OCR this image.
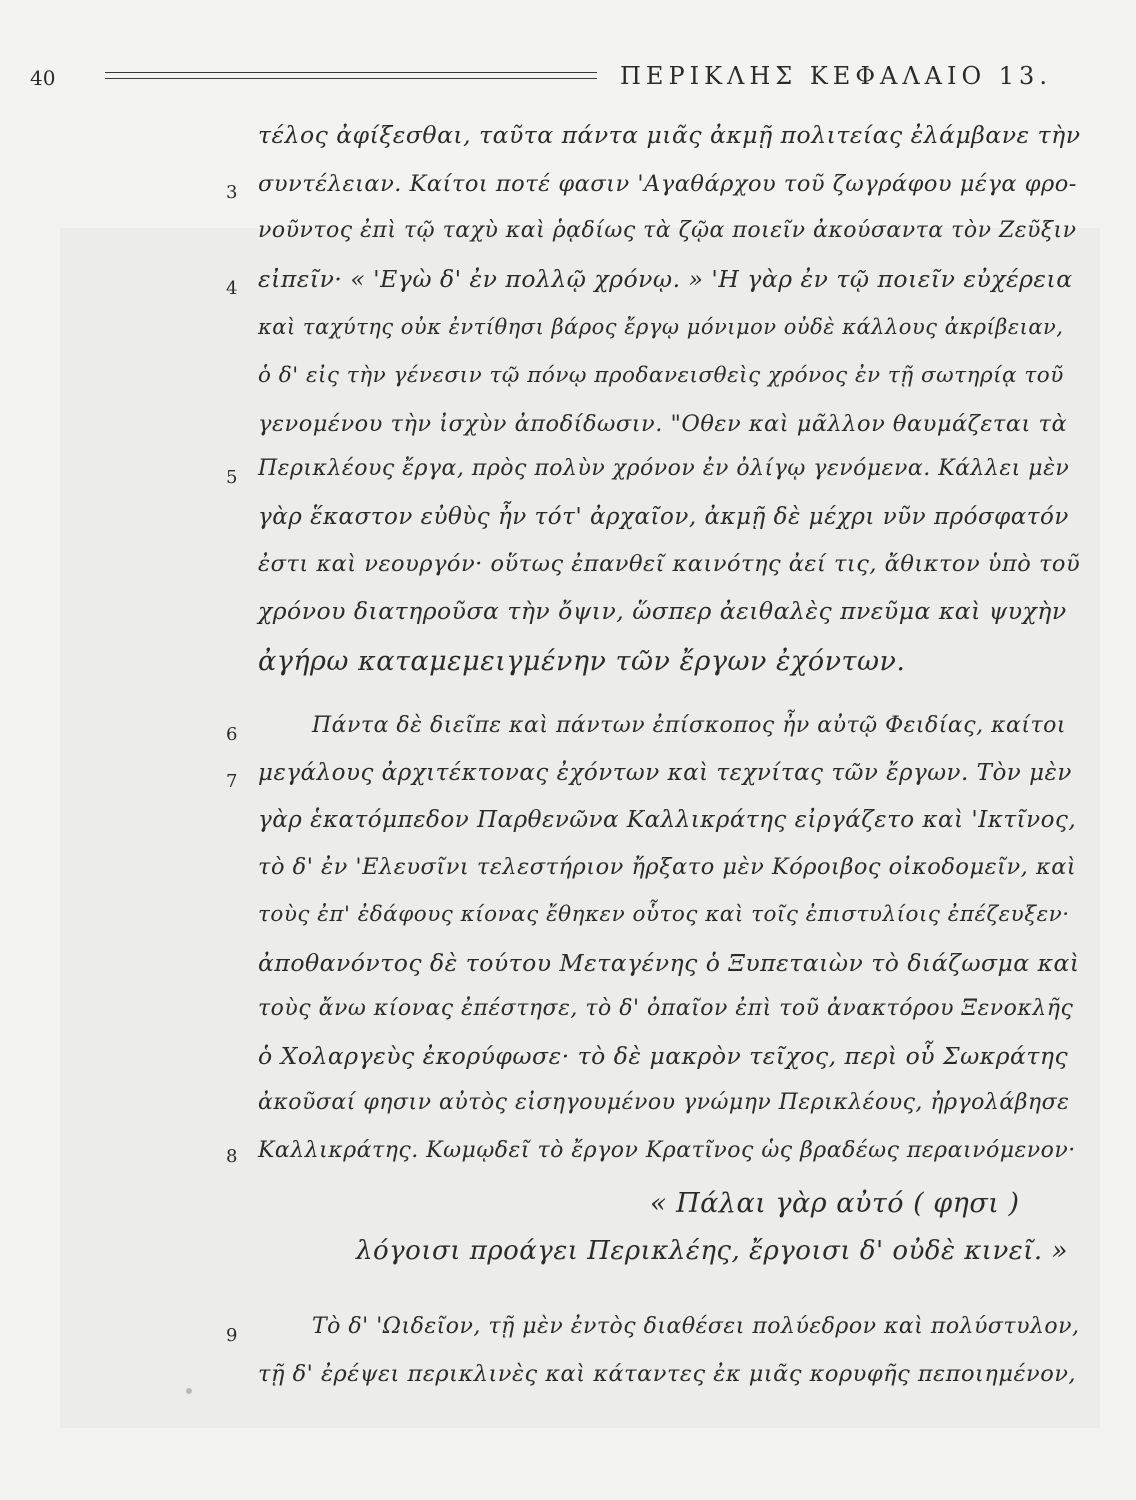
40	ΠΕΡΙΚΛΗΣ ΚΕΦΑΛΑΙΟ 13.
τέλος ἀφίξεσθαι, ταῦτα πάντα μιᾶς ἀκμῇ πολιτείας ἐλάμβανε τὴν
συντέλειαν. Καίτοι ποτέ φασιν 'Αγαθάρχου τοῦ ζωγράφου μέγα φρο-
νοῦντος ἐπὶ τῷ ταχὺ καὶ ῥᾳδίως τὰ ζῷα ποιεῖν ἀκούσαντα τὸν Ζεῦξιν
εἰπεῖν· « 'Εγὼ δ' ἐν πολλῷ χρόνῳ. » 'Η γὰρ ἐν τῷ ποιεῖν εὐχέρεια
καὶ ταχύτης οὐκ ἐντίθησι βάρος ἔργῳ μόνιμον οὐδὲ κάλλους ἀκρίβειαν,
ὁ δ' εἰς τὴν γένεσιν τῷ πόνῳ προδανεισθεὶς χρόνος ἐν τῇ σωτηρίᾳ τοῦ
γενομένου τὴν ἰσχὺν ἀποδίδωσιν. "Οθεν καὶ μᾶλλον θαυμάζεται τὰ
Περικλέους ἔργα, πρὸς πολὺν χρόνον ἐν ὀλίγῳ γενόμενα. Κάλλει μὲν
γὰρ ἕκαστον εὐθὺς ἦν τότ' ἀρχαῖον, ἀκμῇ δὲ μέχρι νῦν πρόσφατόν
ἐστι καὶ νεουργόν· οὕτως ἐπανθεῖ καινότης ἀεί τις, ἄθικτον ὑπὸ τοῦ
χρόνου διατηροῦσα τὴν ὄψιν, ὥσπερ ἀειθαλὲς πνεῦμα καὶ ψυχὴν
ἀγήρω καταμεμειγμένην τῶν ἔργων ἐχόντων.
Πάντα δὲ διεῖπε καὶ πάντων ἐπίσκοπος ἦν αὐτῷ Φειδίας, καίτοι
μεγάλους ἀρχιτέκτονας ἐχόντων καὶ τεχνίτας τῶν ἔργων. Τὸν μὲν
γὰρ ἑκατόμπεδον Παρθενῶνα Καλλικράτης εἰργάζετο καὶ 'Ικτῖνος,
τὸ δ' ἐν 'Ελευσῖνι τελεστήριον ἤρξατο μὲν Κόροιβος οἰκοδομεῖν, καὶ
τοὺς ἐπ' ἐδάφους κίονας ἔθηκεν οὗτος καὶ τοῖς ἐπιστυλίοις ἐπέζευξεν·
ἀποθανόντος δὲ τούτου Μεταγένης ὁ Ξυπεταιὼν τὸ διάζωσμα καὶ
τοὺς ἄνω κίονας ἐπέστησε, τὸ δ' ὀπαῖον ἐπὶ τοῦ ἀνακτόρου Ξενοκλῆς
ὁ Χολαργεὺς ἐκορύφωσε· τὸ δὲ μακρὸν τεῖχος, περὶ οὗ Σωκράτης
ἀκοῦσαί φησιν αὐτὸς εἰσηγουμένου γνώμην Περικλέους, ἠργολάβησε
Καλλικράτης. Κωμῳδεῖ τὸ ἔργον Κρατῖνος ὡς βραδέως περαινόμενον·
« Πάλαι γὰρ αὐτό ( φησι )
λόγοισι προάγει Περικλέης, ἔργοισι δ' οὐδὲ κινεῖ. »
Τὸ δ' 'Ωιδεῖον, τῇ μὲν ἐντὸς διαθέσει πολύεδρον καὶ πολύστυλον,
τῇ δ' ἐρέψει περικλινὲς καὶ κάταντες ἐκ μιᾶς κορυφῆς πεποιημένον,
3
4
5
6
7
8
9
